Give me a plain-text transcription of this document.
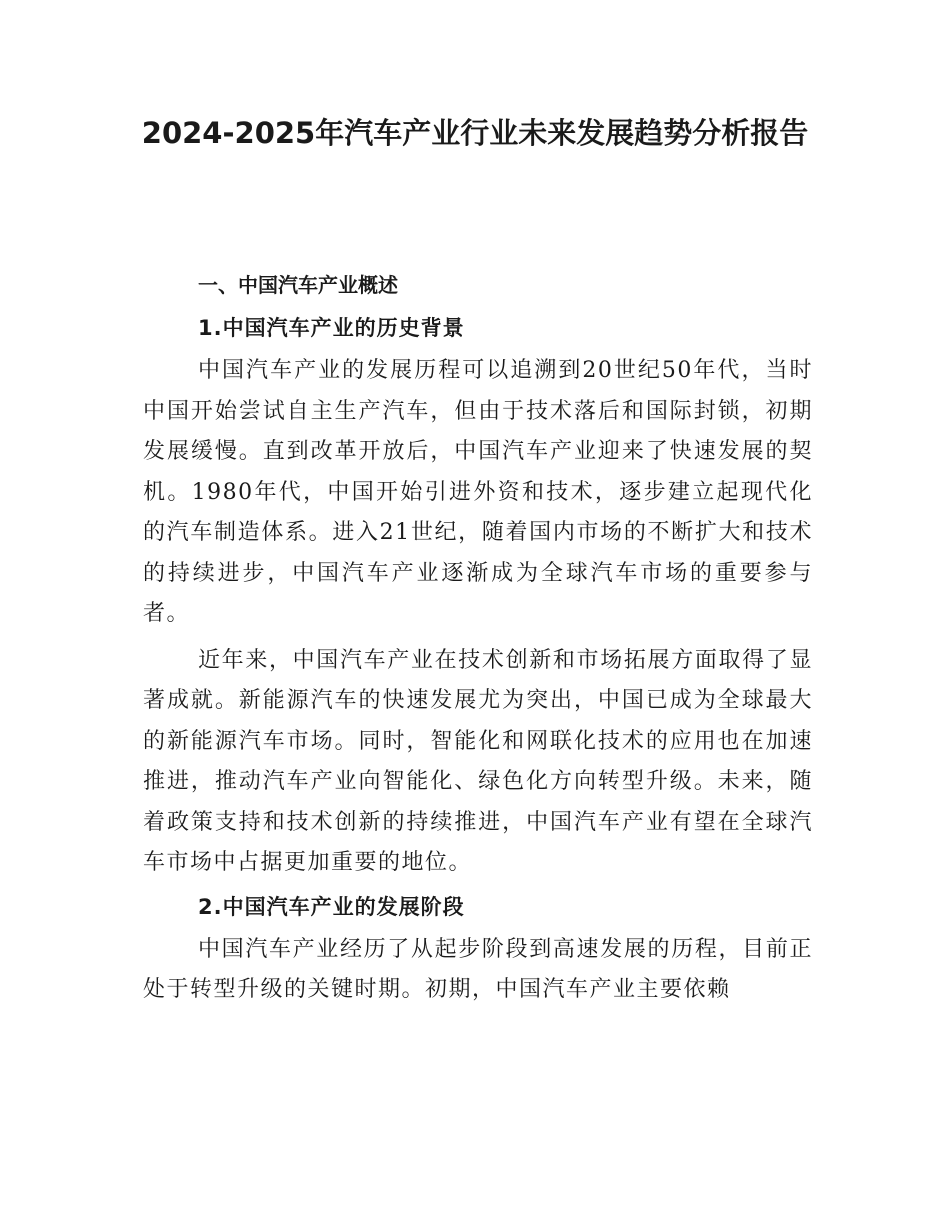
2024-2025年汽车产业行业未来发展趋势分析报告
一、中国汽车产业概述
1.中国汽车产业的历史背景

中国汽车产业的发展历程可以追溯到20世纪50年代，当时中国开始尝试自主生产汽车，但由于技术落后和国际封锁，初期发展缓慢。直到改革开放后，中国汽车产业迎来了快速发展的契机。1980年代，中国开始引进外资和技术，逐步建立起现代化的汽车制造体系。进入21世纪，随着国内市场的不断扩大和技术的持续进步，中国汽车产业逐渐成为全球汽车市场的重要参与者。

近年来，中国汽车产业在技术创新和市场拓展方面取得了显著成就。新能源汽车的快速发展尤为突出，中国已成为全球最大的新能源汽车市场。同时，智能化和网联化技术的应用也在加速推进，推动汽车产业向智能化、绿色化方向转型升级。未来，随着政策支持和技术创新的持续推进，中国汽车产业有望在全球汽车市场中占据更加重要的地位。

2.中国汽车产业的发展阶段

中国汽车产业经历了从起步阶段到高速发展的历程，目前正处于转型升级的关键时期。初期，中国汽车产业主要依赖
